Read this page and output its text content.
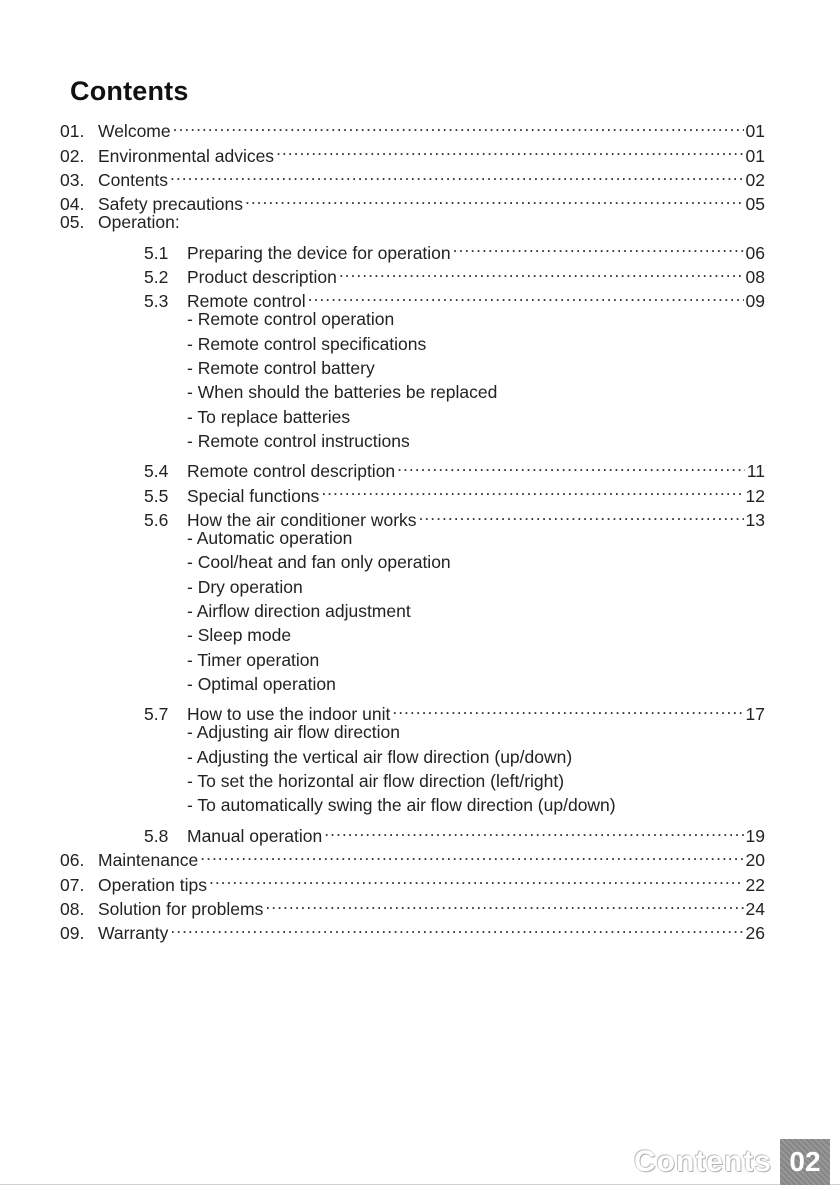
Contents
01. Welcome .....	01
02. Environmental advices .....	01
03. Contents .....	02
04. Safety precautions .....	05
05. Operation:
5.1	Preparing the device for operation .....	06
5.2	Product description .....	08
5.3	Remote control .....	09
- Remote control operation
- Remote control specifications
- Remote control battery
- When should the batteries be replaced
- To replace batteries
- Remote control instructions
5.4	Remote control description .....	11
5.5	Special functions .....	12
5.6	How the air conditioner works .....	13
- Automatic operation
- Cool/heat and fan only operation
- Dry operation
- Airflow direction adjustment
- Sleep mode
- Timer operation
- Optimal operation
5.7	How to use the indoor unit .....	17
- Adjusting air flow direction
- Adjusting the vertical air flow direction (up/down)
- To set the horizontal air flow direction (left/right)
- To automatically swing the air flow direction (up/down)
5.8	Manual operation .....	19
06. Maintenance .....	20
07. Operation tips .....	22
08. Solution for problems .....	24
09. Warranty .....	26
Contents 02
